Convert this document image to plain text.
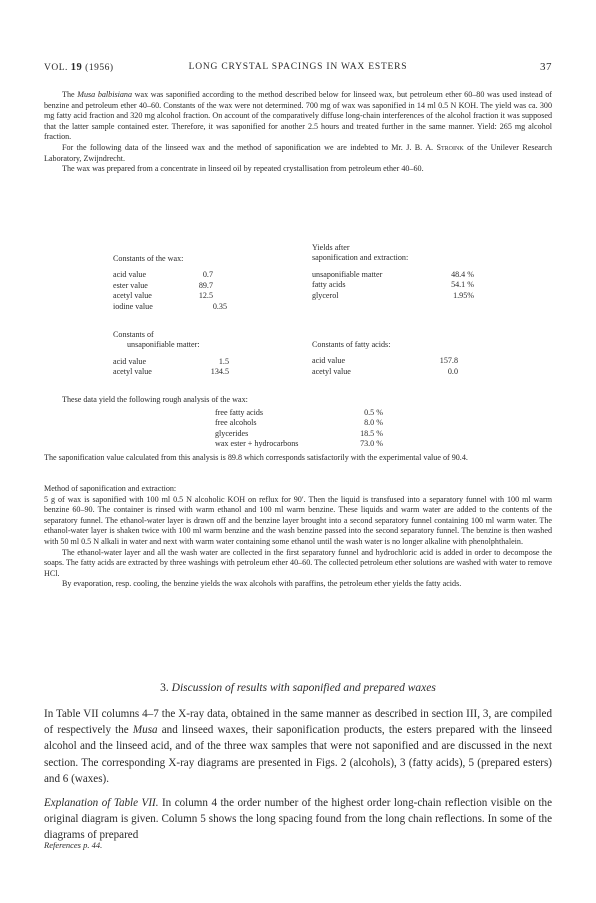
VOL. 19 (1956)	LONG CRYSTAL SPACINGS IN WAX ESTERS	37

The Musa balbisiana wax was saponified according to the method described below for linseed wax, but petroleum ether 60–80 was used instead of benzine and petroleum ether 40–60. Constants of the wax were not determined. 700 mg of wax was saponified in 14 ml 0.5 N KOH. The yield was ca. 300 mg fatty acid fraction and 320 mg alcohol fraction. On account of the comparatively diffuse long-chain interferences of the alcohol fraction it was supposed that the latter sample contained ester. Therefore, it was saponified for another 2.5 hours and treated further in the same manner. Yield: 265 mg alcohol fraction.

For the following data of the linseed wax and the method of saponification we are indebted to Mr. J. B. A. Stroink of the Unilever Research Laboratory, Zwijndrecht.

The wax was prepared from a concentrate in linseed oil by repeated crystallisation from petroleum ether 40–60.

Constants of the wax:
acid value	0.7
ester value	89.7
acetyl value	12.5
iodine value	0.35
Yields after
saponification and extraction:
unsaponifiable matter	48.4 %
fatty acids	54.1 %
glycerol	1.95%
Constants of
unsaponifiable matter:
acid value	1.5
acetyl value	134.5
Constants of fatty acids:
acid value	157.8
acetyl value	0.0

These data yield the following rough analysis of the wax:

free fatty acids	0.5 %
free alcohols	8.0 %
glycerides	18.5 %
wax ester + hydrocarbons	73.0 %

The saponification value calculated from this analysis is 89.8 which corresponds satisfactorily with the experimental value of 90.4.

Method of saponification and extraction:

5 g of wax is saponified with 100 ml 0.5 N alcoholic KOH on reflux for 90′. Then the liquid is transfused into a separatory funnel with 100 ml warm benzine 60–90. The container is rinsed with warm ethanol and 100 ml warm benzine. These liquids and warm water are added to the contents of the separatory funnel. The ethanol-water layer is drawn off and the benzine layer brought into a second separatory funnel containing 100 ml warm water. The ethanol-water layer is shaken twice with 100 ml warm benzine and the wash benzine passed into the second separatory funnel. The benzine is then washed with 50 ml 0.5 N alkali in water and next with warm water containing some ethanol until the wash water is no longer alkaline with phenolphthalein.

The ethanol-water layer and all the wash water are collected in the first separatory funnel and hydrochloric acid is added in order to decompose the soaps. The fatty acids are extracted by three washings with petroleum ether 40–60. The collected petroleum ether solutions are washed with water to remove HCl.

By evaporation, resp. cooling, the benzine yields the wax alcohols with paraffins, the petroleum ether yields the fatty acids.

3. Discussion of results with saponified and prepared waxes

In Table VII columns 4–7 the X-ray data, obtained in the same manner as described in section III, 3, are compiled of respectively the Musa and linseed waxes, their saponification products, the esters prepared with the linseed alcohol and the linseed acid, and of the three wax samples that were not saponified and are discussed in the next section. The corresponding X-ray diagrams are presented in Figs. 2 (alcohols), 3 (fatty acids), 5 (prepared esters) and 6 (waxes).

Explanation of Table VII. In column 4 the order number of the highest order long-chain reflection visible on the original diagram is given. Column 5 shows the long spacing found from the long chain reflections. In some of the diagrams of prepared

References p. 44.
